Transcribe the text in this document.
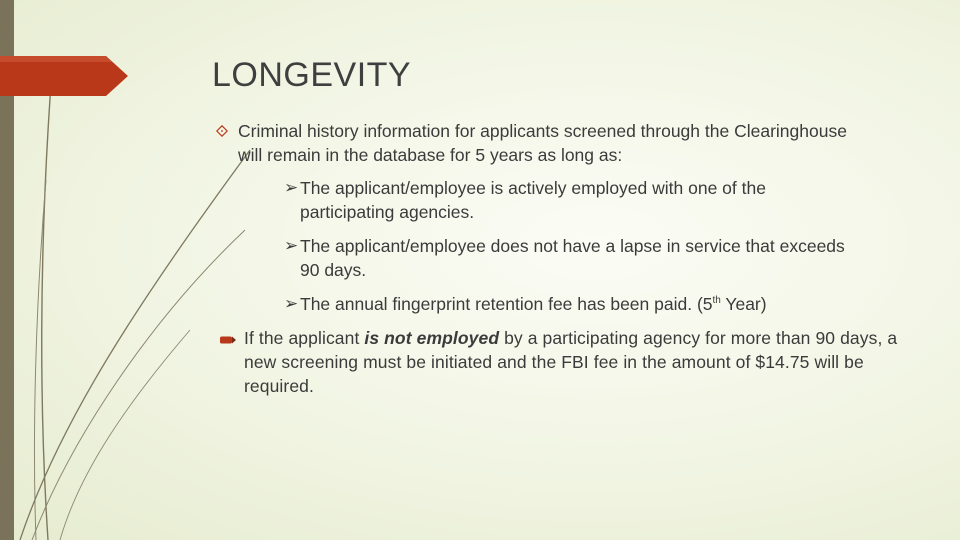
LONGEVITY
Criminal history information for applicants screened through the Clearinghouse will remain in the database for 5 years as long as:
➢ The applicant/employee is actively employed with one of the participating agencies.
➢ The applicant/employee does not have a lapse in service that exceeds 90 days.
➢ The annual fingerprint retention fee has been paid. (5th Year)
If the applicant is not employed by a participating agency for more than 90 days, a new screening must be initiated and the FBI fee in the amount of $14.75 will be required.
